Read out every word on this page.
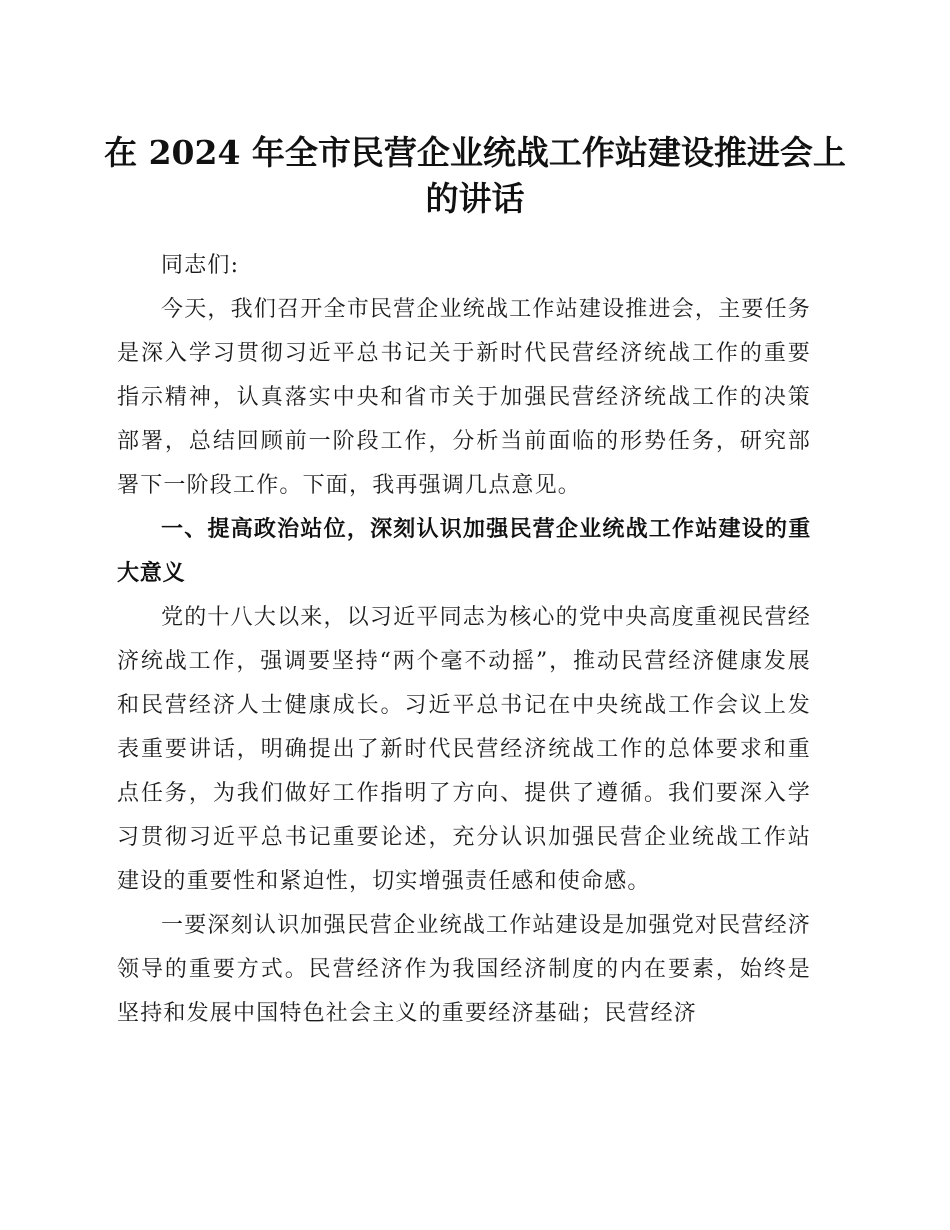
在 2024 年全市民营企业统战工作站建设推进会上的讲话

同志们:

今天，我们召开全市民营企业统战工作站建设推进会，主要任务是深入学习贯彻习近平总书记关于新时代民营经济统战工作的重要指示精神，认真落实中央和省市关于加强民营经济统战工作的决策部署，总结回顾前一阶段工作，分析当前面临的形势任务，研究部署下一阶段工作。下面，我再强调几点意见。

一、提高政治站位，深刻认识加强民营企业统战工作站建设的重大意义

党的十八大以来，以习近平同志为核心的党中央高度重视民营经济统战工作，强调要坚持“两个毫不动摇”，推动民营经济健康发展和民营经济人士健康成长。习近平总书记在中央统战工作会议上发表重要讲话，明确提出了新时代民营经济统战工作的总体要求和重点任务，为我们做好工作指明了方向、提供了遵循。我们要深入学习贯彻习近平总书记重要论述，充分认识加强民营企业统战工作站建设的重要性和紧迫性，切实增强责任感和使命感。

一要深刻认识加强民营企业统战工作站建设是加强党对民营经济领导的重要方式。民营经济作为我国经济制度的内在要素，始终是坚持和发展中国特色社会主义的重要经济基础；民营经济
